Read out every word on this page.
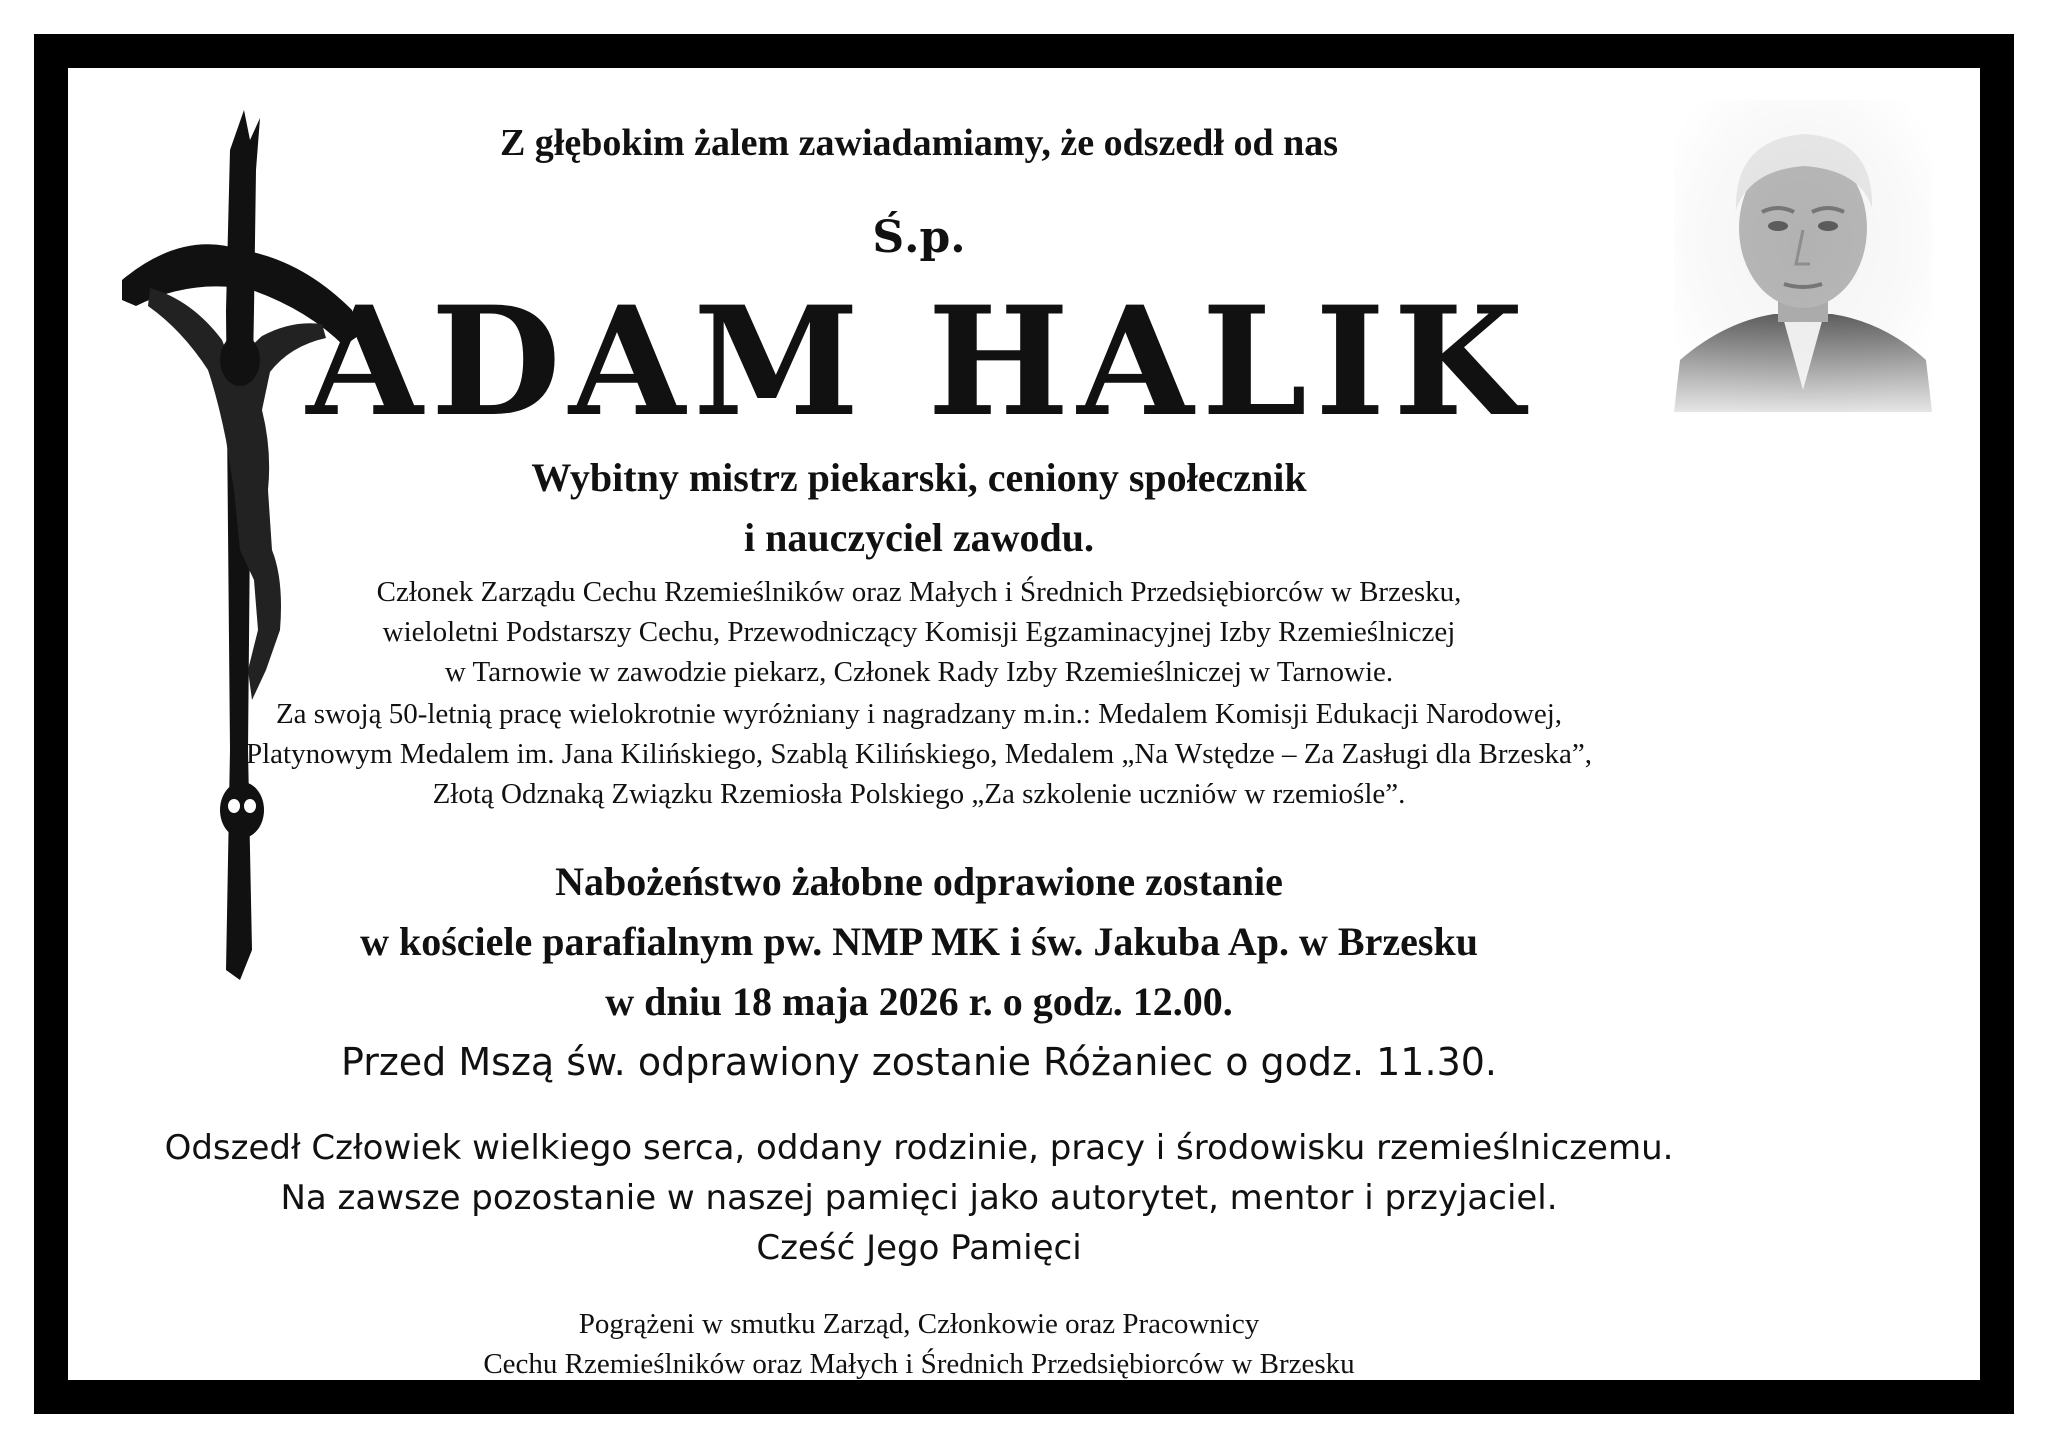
Z głębokim żalem zawiadamiamy, że odszedł od nas
Ś.p.
ADAM HALIK
Wybitny mistrz piekarski, ceniony społecznik
i nauczyciel zawodu.
Członek Zarządu Cechu Rzemieślników oraz Małych i Średnich Przedsiębiorców w Brzesku,
wieloletni Podstarszy Cechu, Przewodniczący Komisji Egzaminacyjnej Izby Rzemieślniczej
w Tarnowie w zawodzie piekarz, Członek Rady Izby Rzemieślniczej w Tarnowie.
Za swoją 50-letnią pracę wielokrotnie wyróżniany i nagradzany m.in.: Medalem Komisji Edukacji Narodowej,
Platynowym Medalem im. Jana Kilińskiego, Szablą Kilińskiego, Medalem „Na Wstędze – Za Zasługi dla Brzeska”,
Złotą Odznaką Związku Rzemiosła Polskiego „Za szkolenie uczniów w rzemiośle”.
Nabożeństwo żałobne odprawione zostanie
w kościele parafialnym pw. NMP MK i św. Jakuba Ap. w Brzesku
w dniu 18 maja 2026 r. o godz. 12.00.
Przed Mszą św. odprawiony zostanie Różaniec o godz. 11.30.
Odszedł Człowiek wielkiego serca, oddany rodzinie, pracy i środowisku rzemieślniczemu.
Na zawsze pozostanie w naszej pamięci jako autorytet, mentor i przyjaciel.
Cześć Jego Pamięci
Pogrążeni w smutku Zarząd, Członkowie oraz Pracownicy
Cechu Rzemieślników oraz Małych i Średnich Przedsiębiorców w Brzesku
